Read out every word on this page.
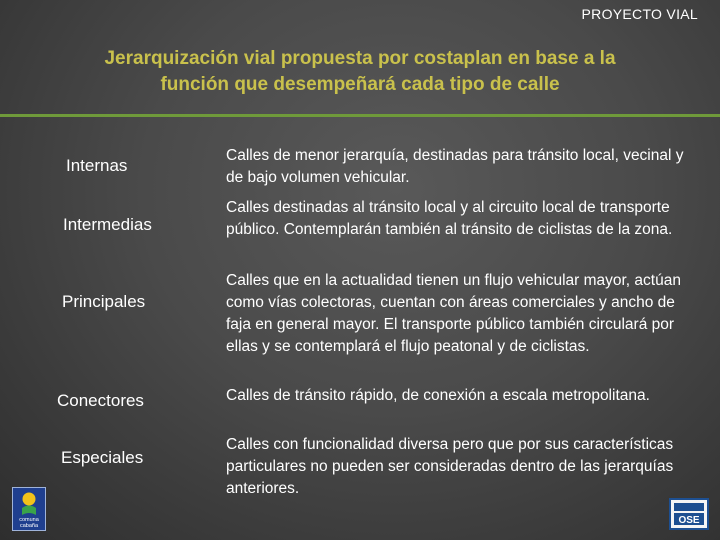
PROYECTO VIAL
Jerarquización vial propuesta por costaplan en base a la
función que desempeñará cada tipo de calle
Internas
Calles de menor jerarquía, destinadas para tránsito local, vecinal y de bajo volumen vehicular.
Intermedias
Calles destinadas al tránsito local y al circuito local de transporte público. Contemplarán también al tránsito de ciclistas de la zona.
Principales
Calles que en la actualidad tienen un flujo vehicular mayor, actúan como vías colectoras, cuentan con áreas comerciales y ancho de faja en general mayor. El transporte público también circulará por ellas y se contemplará el flujo peatonal y de ciclistas.
Conectores	Calles de tránsito rápido, de conexión a escala metropolitana.
Especiales
Calles con funcionalidad diversa pero que por sus características particulares no pueden ser consideradas dentro de las jerarquías anteriores.
comuna
cabaña	OSE
